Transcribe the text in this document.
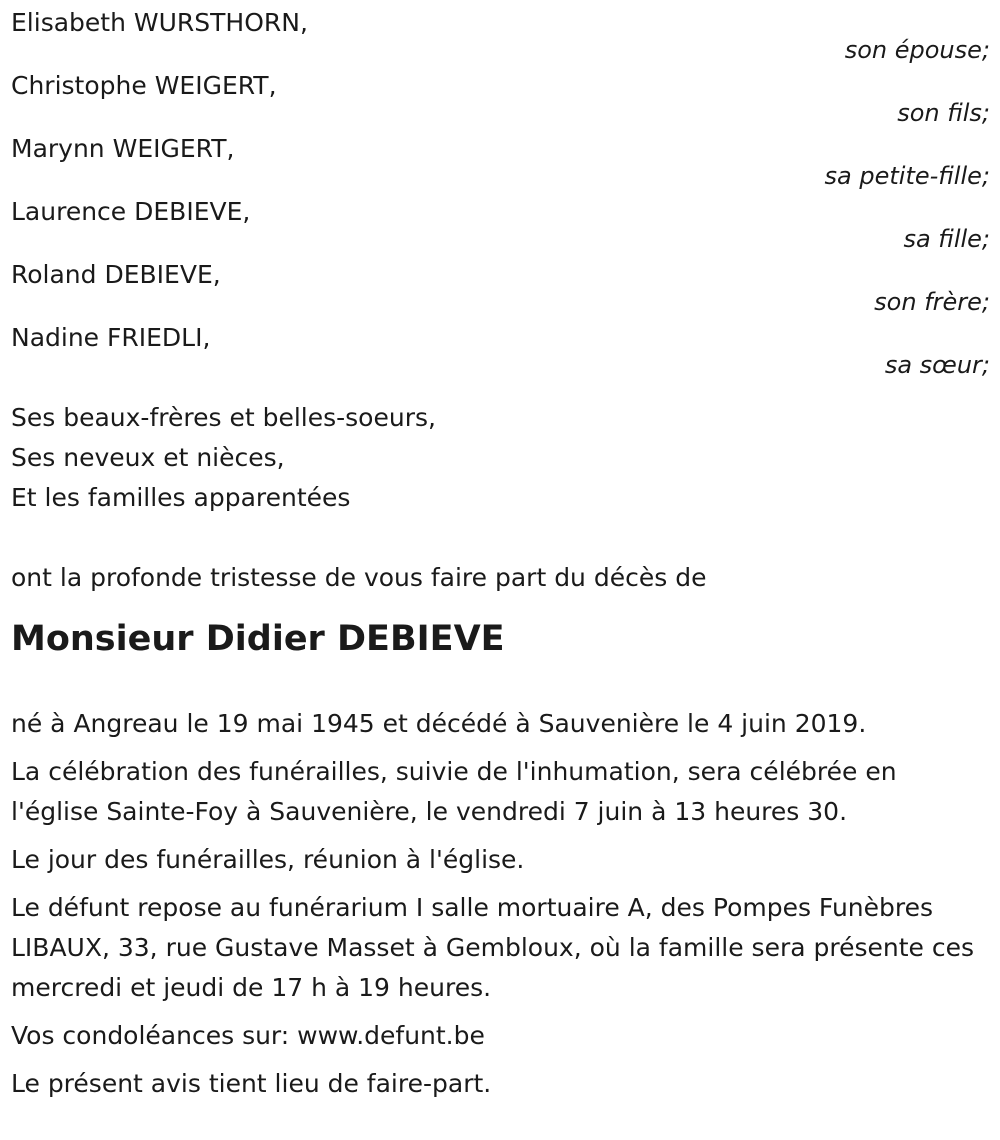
Elisabeth WURSTHORN,
son épouse;
Christophe WEIGERT,
son fils;
Marynn WEIGERT,
sa petite-fille;
Laurence DEBIEVE,
sa fille;
Roland DEBIEVE,
son frère;
Nadine FRIEDLI,
sa sœur;
Ses beaux-frères et belles-soeurs,
Ses neveux et nièces,
Et les familles apparentées
ont la profonde tristesse de vous faire part du décès de
Monsieur Didier DEBIEVE
né à Angreau le 19 mai 1945 et décédé à Sauvenière le 4 juin 2019.
La célébration des funérailles, suivie de l'inhumation, sera célébrée en l'église Sainte-Foy à Sauvenière, le vendredi 7 juin à 13 heures 30.
Le jour des funérailles, réunion à l'église.
Le défunt repose au funérarium I salle mortuaire A, des Pompes Funèbres LIBAUX, 33, rue Gustave Masset à Gembloux, où la famille sera présente ces mercredi et jeudi de 17 h à 19 heures.
Vos condoléances sur: www.defunt.be
Le présent avis tient lieu de faire-part.
